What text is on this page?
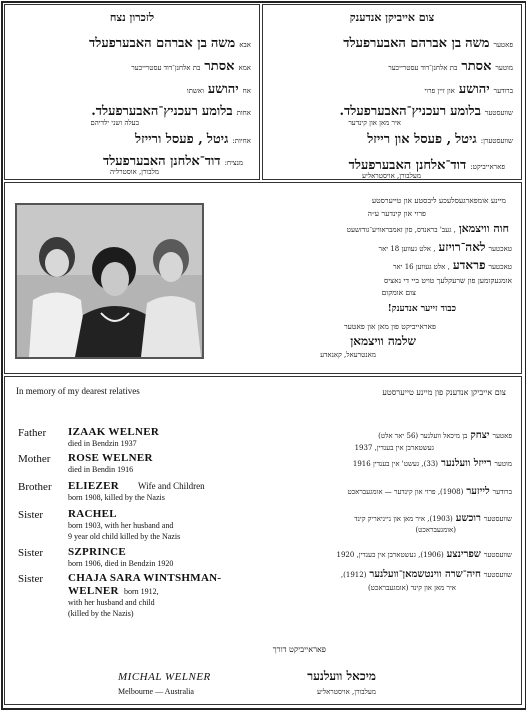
צום אייביקן אנדענק
פאטער
משה
בן אברהם האבערפעלד
מוטער
אסתר
בת אלחנן־דוד עסטרייכער
ברודער
יהושע
און זיין פרוי
שוועסטער
בלומע
רעכניץ־האבערפעלד.
איר מאן און קינדער
שוועסטערן:
גיטל
, פעסל און רייזל
פאראייביקט:
דוד־אלחנן האבערפעלד
מעלבורן, אויסטראליע
לזכרון נצח
אבא
משה
בן אברהם האבערפעלד
אמא
אסתר
בת אלחנן־דוד עסטרייכער
אח
יהושע
ואשתו
אחות
בלומע
רעכניץ־האבערפעלד.
בעלה ושני ילדיהם
אחיות:
גיטל
, פעסל ורייזל
מנציח:
דוד־אלחנן האבערפעלד
מלבורן, אוסטרליה
מיינע אומפארגעסלעכע ליבסטע און טייערסטע
פרוי און קינדער ע״ה
חוה וויצמאן
, געב' בראנדס, סון זאמבראוויע־גודזשעט
טאכטער
לאה־רויזע
, אלט געווען 18 יאר
טאכטער
פראדע
, אלט געווען 16 יאר
אומגעקומען פון שרעקלעך טויט ביי די נאציס
צום אומקום
כבוד זייער אנדענק!
פאראייביקט פון מאן און פאטער
שלמה וויצמאן
מאנטרעאל, קאנאדע
In memory of my dearest relatives
Father IZAAK WELNER
died in Bendzin 1937
Mother ROSE WELNER
died in Bendin 1916
Brother ELIEZER Wife and Children
born 1908, killed by the Nazis
Sister RACHEL
born 1903, with her husband and
9 year old child killed by the Nazis
Sister SZPRINCE
born 1906, died in Bendzin 1920
Sister CHAJA SARA WINTSHMAN-
WELNER born 1912,
with her husband and child
(killed by the Nazis)
MICHAL WELNER
Melbourne — Australia
צום אייביקן אנדענק פון מיינע טייערסטע
פאטער
יצחק
בן מיכאל וועלנער (56 יאר אלט)
געשטארבן אין בענדין, 1937
מוטער
רייזל וועלנער
(33), געשט' אין בענדין 1916
ברודער
לייזער
(1908), פרוי און קינדער — אומגעבראכט
שוועסטער
רוכשע
(1903), איר מאן און נייניאריק קינד
(אומגעבראכט)
שוועסטער
שפרינצע
(1906), געשטארבן אין בענדין, 1920
שוועסטער
חיה־שרה ווינטשמאן־וועלנער
(1912),
איר מאן און קינד (אומגעבראכט)
פאראייביקט דורך
מיכאל וועלנער
מעלבורן, אויסטראליע
